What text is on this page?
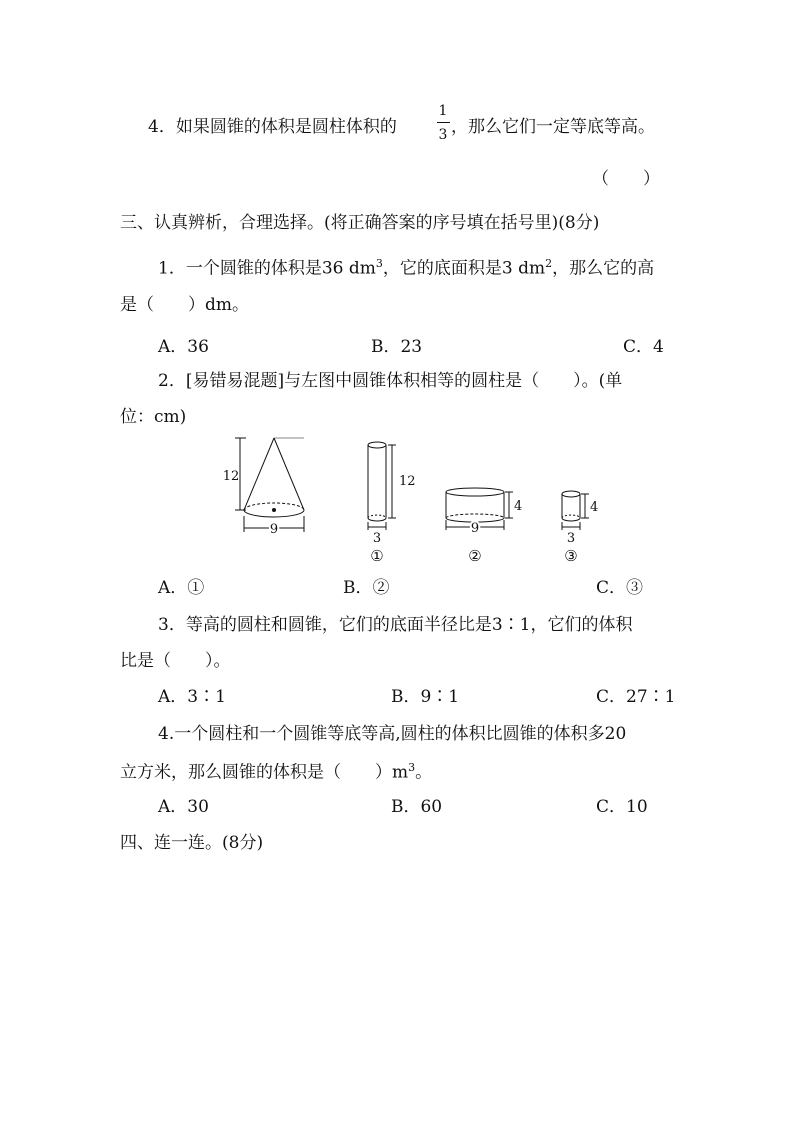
4．如果圆锥的体积是圆柱体积的
1
3 ，那么它们一定等底等高。
（　　）
三、认真辨析，合理选择。(将正确答案的序号填在括号里)(8分)
1．一个圆锥的体积是36 $dm^3$，它的底面积是3 $dm^2$，那么它的高
是（　　）dm。
A．36	B．23	C．4
2．[易错易混题]与左图中圆锥体积相等的圆柱是（　　）。(单
位：cm)
12
9
12
3
①
4
9
②
4
3
③
A．①	B．②	C．③
3．等高的圆柱和圆锥，它们的底面半径比是3∶1，它们的体积
比是（　　）。
A．3∶1	B．9∶1	C．27∶1
4.一个圆柱和一个圆锥等底等高,圆柱的体积比圆锥的体积多20
立方米，那么圆锥的体积是（　　）$m^3$。
A．30	B．60	C．10
四、连一连。(8分)
